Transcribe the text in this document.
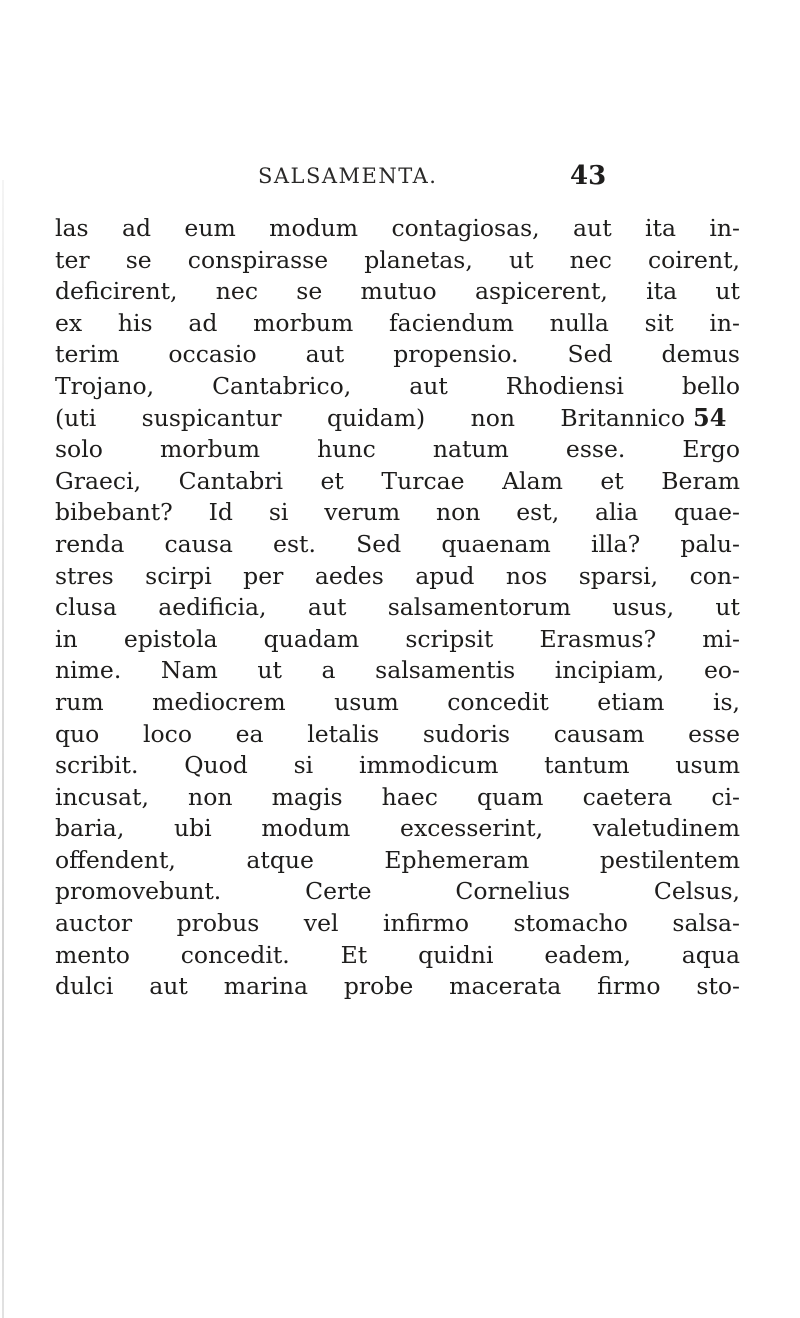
SALSAMENTA.	43
54
las ad eum modum contagiosas, aut ita in-
ter se conspirasse planetas, ut nec coirent,
deficirent, nec se mutuo aspicerent, ita ut
ex his ad morbum faciendum nulla sit in-
terim occasio aut propensio. Sed demus
Trojano, Cantabrico, aut Rhodiensi bello
(uti suspicantur quidam) non Britannico
solo morbum hunc natum esse. Ergo
Graeci, Cantabri et Turcae Alam et Beram
bibebant? Id si verum non est, alia quae-
renda causa est. Sed quaenam illa? palu-
stres scirpi per aedes apud nos sparsi, con-
clusa aedificia, aut salsamentorum usus, ut
in epistola quadam scripsit Erasmus? mi-
nime. Nam ut a salsamentis incipiam, eo-
rum mediocrem usum concedit etiam is,
quo loco ea letalis sudoris causam esse
scribit. Quod si immodicum tantum usum
incusat, non magis haec quam caetera ci-
baria, ubi modum excesserint, valetudinem
offendent, atque Ephemeram pestilentem
promovebunt. Certe Cornelius Celsus,
auctor probus vel infirmo stomacho salsa-
mento concedit. Et quidni eadem, aqua
dulci aut marina probe macerata firmo sto-
